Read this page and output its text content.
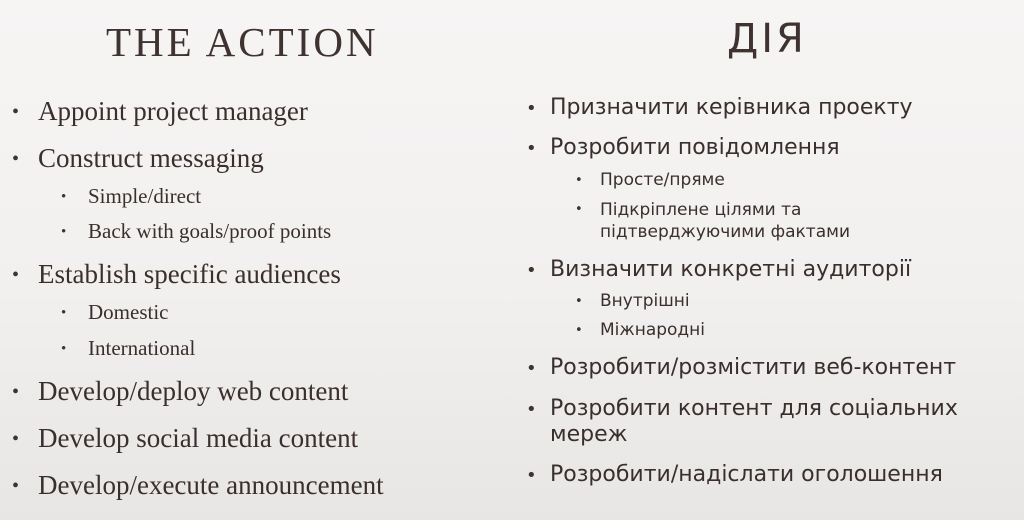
THE ACTION
• Appoint project manager
• Construct messaging
• Simple/direct
• Back with goals/proof points
• Establish specific audiences
• Domestic
• International
• Develop/deploy web content
• Develop social media content
• Develop/execute announcement
ДІЯ
• Призначити керівника проекту
• Розробити повідомлення
• Просте/пряме
• Підкріплене цілями та підтверджуючими фактами
• Визначити конкретні аудиторії
• Внутрішні
• Міжнародні
• Розробити/розмістити веб-контент
• Розробити контент для соціальних мереж
• Розробити/надіслати оголошення
